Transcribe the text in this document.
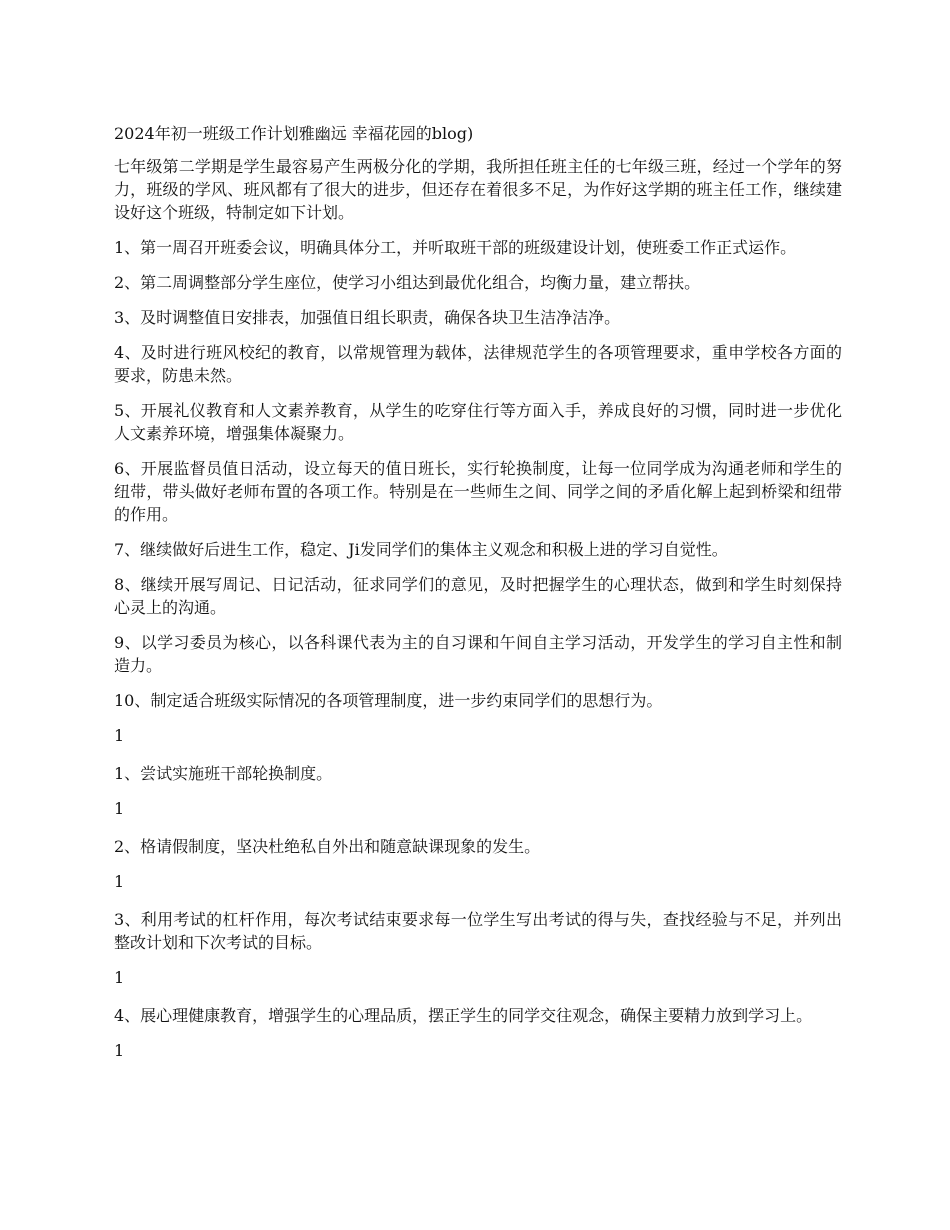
2024年初一班级工作计划雅幽远 幸福花园的blog)

七年级第二学期是学生最容易产生两极分化的学期，我所担任班主任的七年级三班，经过一个学年的努力，班级的学风、班风都有了很大的进步，但还存在着很多不足，为作好这学期的班主任工作，继续建设好这个班级，特制定如下计划。

1、第一周召开班委会议，明确具体分工，并听取班干部的班级建设计划，使班委工作正式运作。

2、第二周调整部分学生座位，使学习小组达到最优化组合，均衡力量，建立帮扶。

3、及时调整值日安排表，加强值日组长职责，确保各块卫生洁净洁净。

4、及时进行班风校纪的教育，以常规管理为载体，法律规范学生的各项管理要求，重申学校各方面的要求，防患未然。

5、开展礼仪教育和人文素养教育，从学生的吃穿住行等方面入手，养成良好的习惯，同时进一步优化人文素养环境，增强集体凝聚力。

6、开展监督员值日活动，设立每天的值日班长，实行轮换制度，让每一位同学成为沟通老师和学生的纽带，带头做好老师布置的各项工作。特别是在一些师生之间、同学之间的矛盾化解上起到桥梁和纽带的作用。

7、继续做好后进生工作，稳定、Ji发同学们的集体主义观念和积极上进的学习自觉性。

8、继续开展写周记、日记活动，征求同学们的意见，及时把握学生的心理状态，做到和学生时刻保持心灵上的沟通。

9、以学习委员为核心，以各科课代表为主的自习课和午间自主学习活动，开发学生的学习自主性和制造力。

10、制定适合班级实际情况的各项管理制度，进一步约束同学们的思想行为。

1

1、尝试实施班干部轮换制度。

1

2、格请假制度，坚决杜绝私自外出和随意缺课现象的发生。

1

3、利用考试的杠杆作用，每次考试结束要求每一位学生写出考试的得与失，查找经验与不足，并列出整改计划和下次考试的目标。

1

4、展心理健康教育，增强学生的心理品质，摆正学生的同学交往观念，确保主要精力放到学习上。

1
